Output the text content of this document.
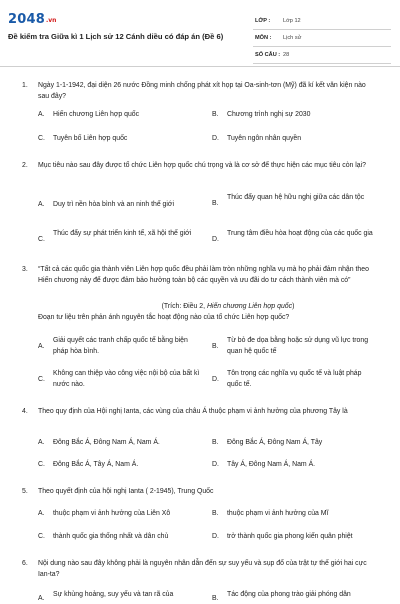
2048 .vn
Đề kiểm tra Giữa kì 1 Lịch sử 12 Cánh diều có đáp án (Đề 6)
LỚP : Lớp 12
MÔN : Lịch sử
SỐ CÂU : 28
1. Ngày 1-1-1942, đại diện 26 nước Đồng minh chống phát xít họp tại Oa-sinh-tơn (Mỹ) đã kí kết văn kiện nào sau đây?
A. Hiến chương Liên hợp quốc	B. Chương trình nghị sự 2030
C. Tuyên bố Liên hợp quốc	D. Tuyên ngôn nhân quyền
2. Mục tiêu nào sau đây được tổ chức Liên hợp quốc chú trọng và là cơ sở để thực hiện các mục tiêu còn lại?
A. Duy trì nền hòa bình và an ninh thế giới	B.
Thúc đẩy quan hệ hữu nghị giữa các dân tộc
C.
Thúc đẩy sự phát triển kinh tế, xã hội thế giới
D.
Trung tâm điều hòa hoạt động của các quốc gia
3. “Tất cả các quốc gia thành viên Liên hợp quốc đều phải làm tròn những nghĩa vụ mà họ phải đảm nhận theo Hiến chương này để được đảm bảo hưởng toàn bộ các quyền và ưu đãi do tư cách thành viên mà có”
(Trích: Điều 2, Hiến chương Liên hợp quốc)
Đoạn tư liệu trên phản ánh nguyên tắc hoạt động nào của tổ chức Liên hợp quốc?
A.
Giải quyết các tranh chấp quốc tế bằng biện pháp hòa bình.
B.
Từ bỏ đe dọa bằng hoặc sử dụng vũ lực trong quan hệ quốc tế
C.
Không can thiệp vào công việc nội bộ của bất kì nước nào.
D.
Tôn trọng các nghĩa vụ quốc tế và luật pháp quốc tế.
4. Theo quy định của Hội nghị Ianta, các vùng của châu Á thuộc phạm vi ảnh hưởng của phương Tây là
A. Đông Bắc Á, Đông Nam Á, Nam Á.	B. Đông Bắc Á, Đông Nam Á, Tây
C. Đông Bắc Á, Tây Á, Nam Á.	D. Tây Á, Đông Nam Á, Nam Á.
5. Theo quyết định của hội nghị Ianta ( 2-1945), Trung Quốc
A. thuộc phạm vi ảnh hưởng của Liên Xô	B. thuộc phạm vi ảnh hưởng của Mĩ
C. thành quốc gia thống nhất và dân chủ	D. trở thành quốc gia phong kiến quân phiệt
6. Nội dung nào sau đây không phải là nguyên nhân dẫn đến sự suy yếu và sụp đổ của trật tự thế giới hai cực Ian-ta?
A.
Sự khủng hoảng, suy yếu và tan rã của
B.
Tác động của phong trào giải phóng dân
